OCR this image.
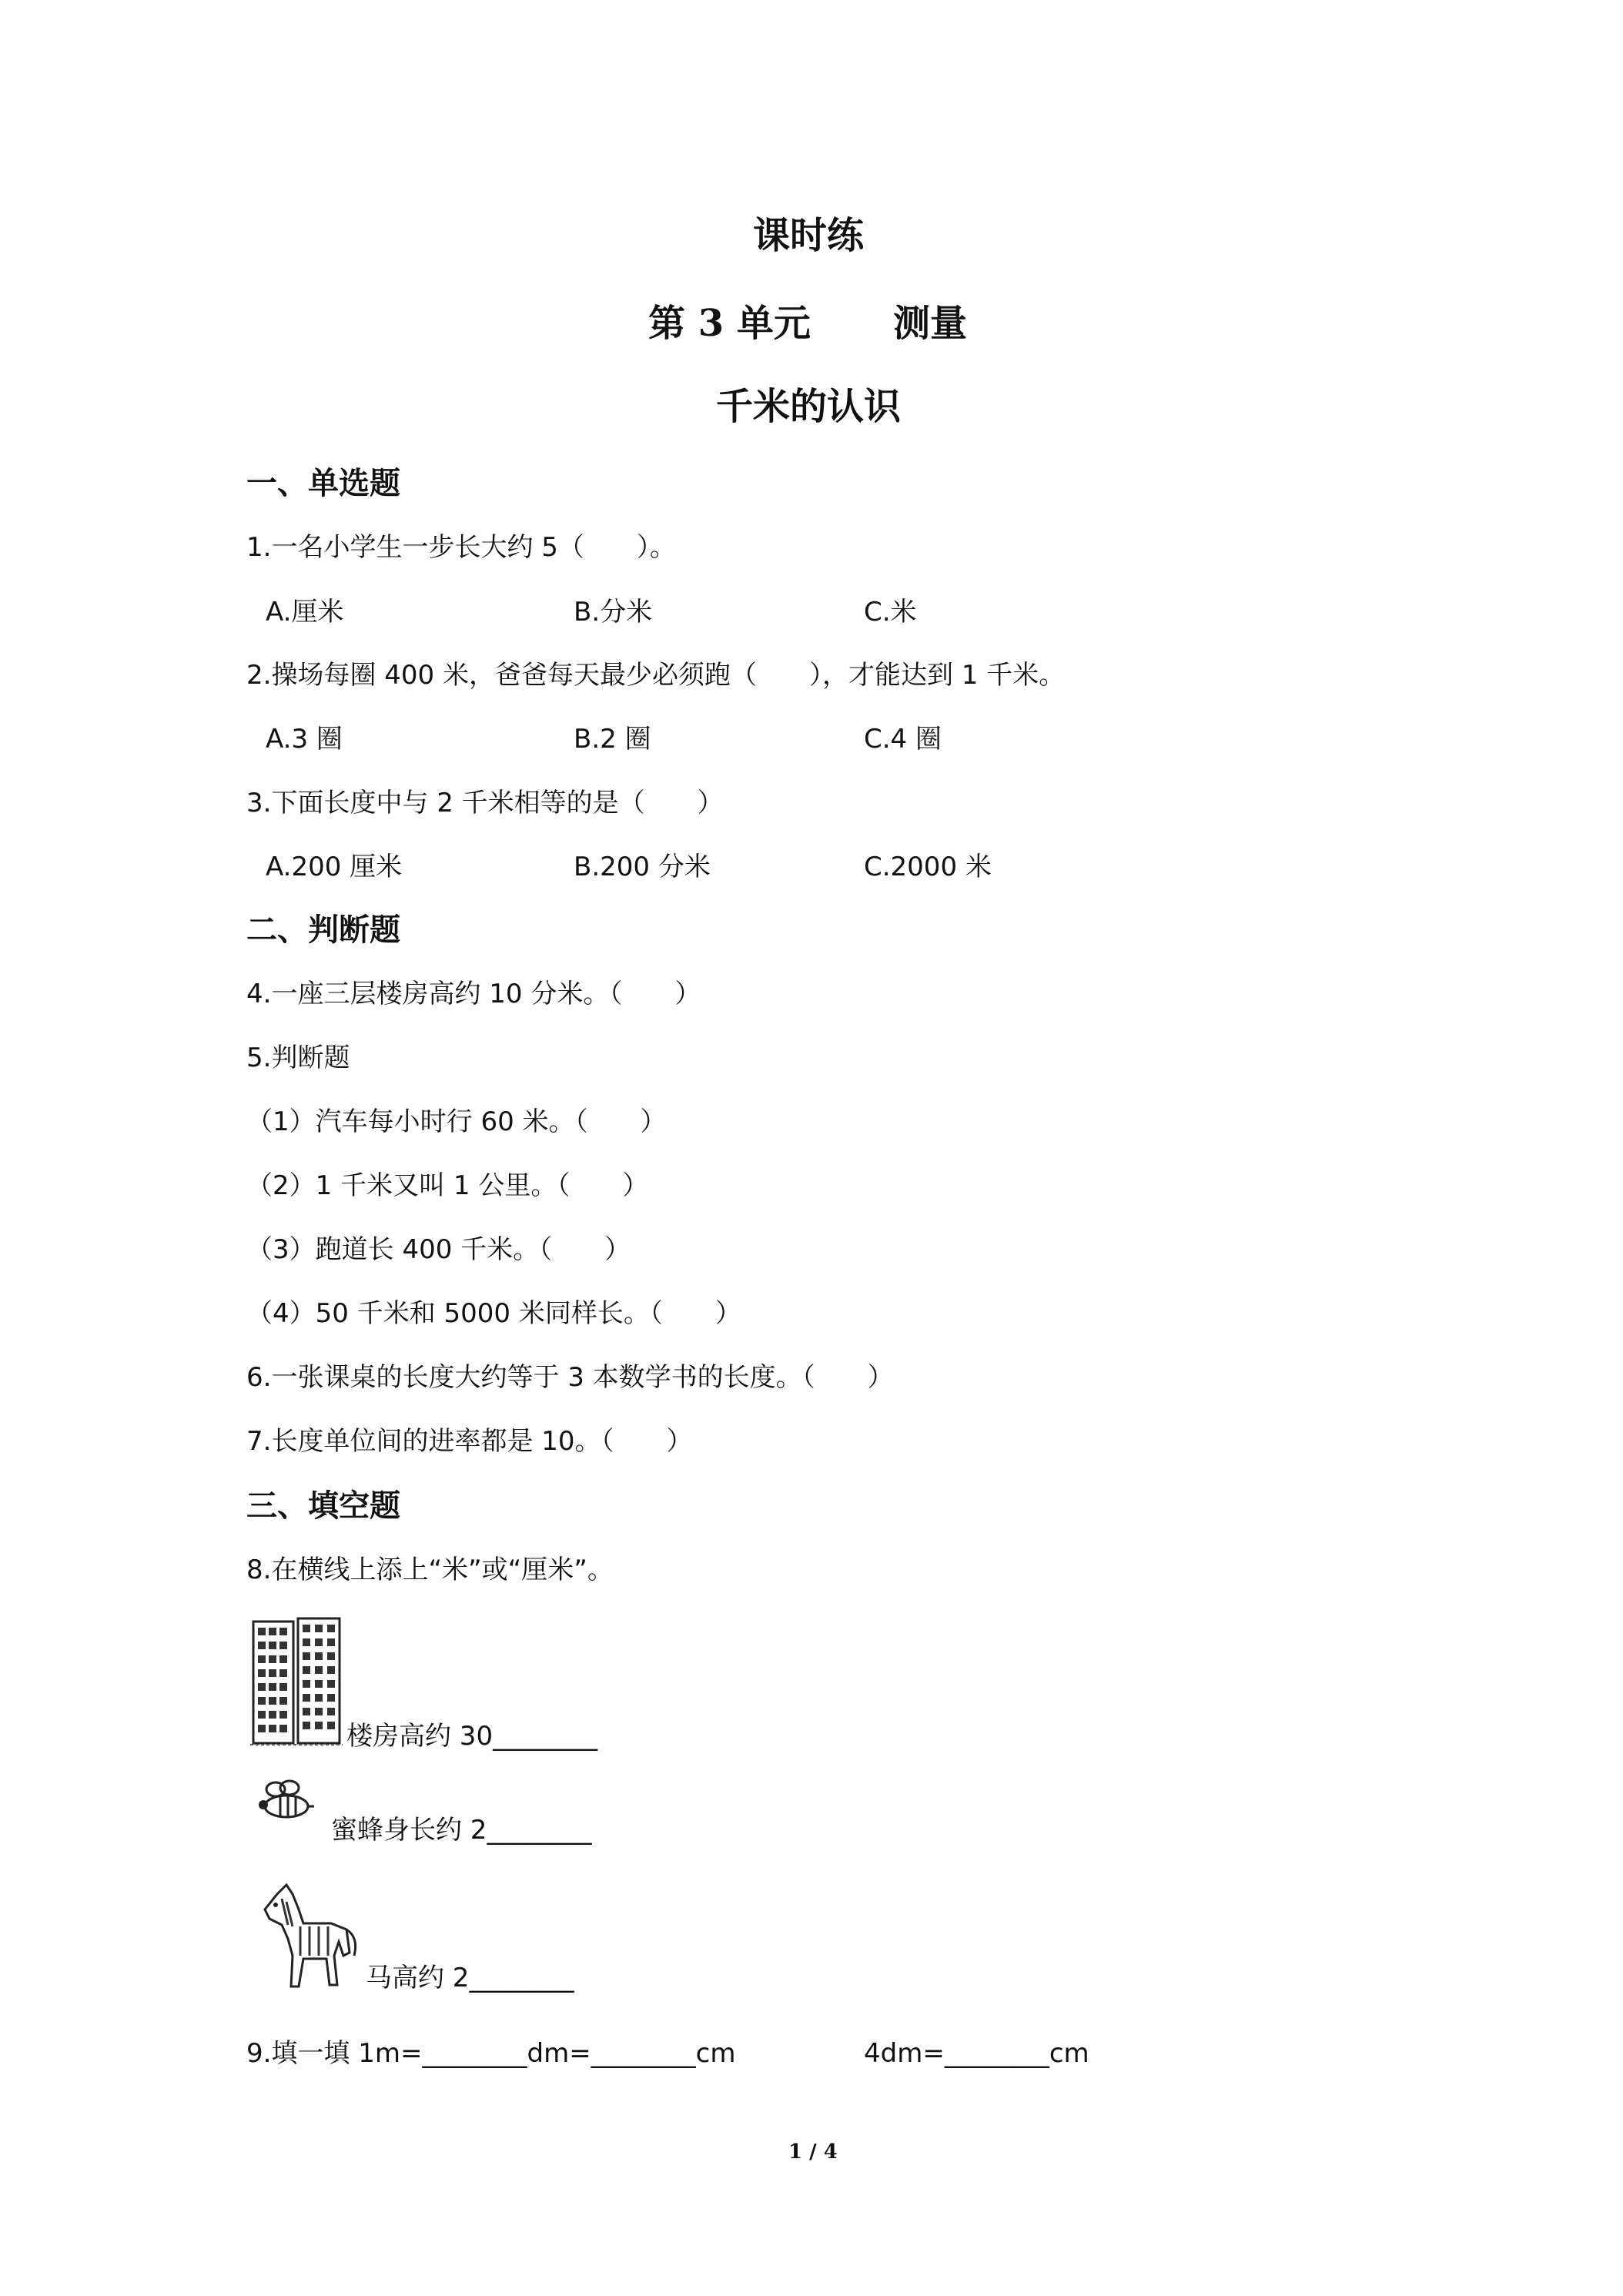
课时练
第 3 单元 测量
千米的认识
一、单选题
1.一名小学生一步长大约 5（　　）。
A.厘米	B.分米	C.米
2.操场每圈 400 米，爸爸每天最少必须跑（　　），才能达到 1 千米。
A.3 圈	B.2 圈	C.4 圈
3.下面长度中与 2 千米相等的是（　　）
A.200 厘米	B.200 分米	C.2000 米
二、判断题
4.一座三层楼房高约 10 分米。（　　）
5.判断题
（1）汽车每小时行 60 米。（　　）
（2）1 千米又叫 1 公里。（　　）
（3）跑道长 400 千米。（　　）
（4）50 千米和 5000 米同样长。（　　）
6.一张课桌的长度大约等于 3 本数学书的长度。（　　）
7.长度单位间的进率都是 10。（　　）
三、填空题
8.在横线上添上“米”或“厘米”。
楼房高约 30________
蜜蜂身长约 2________
马高约 2________
9.填一填 1m=________dm=________cm	4dm=________cm
1 / 4
